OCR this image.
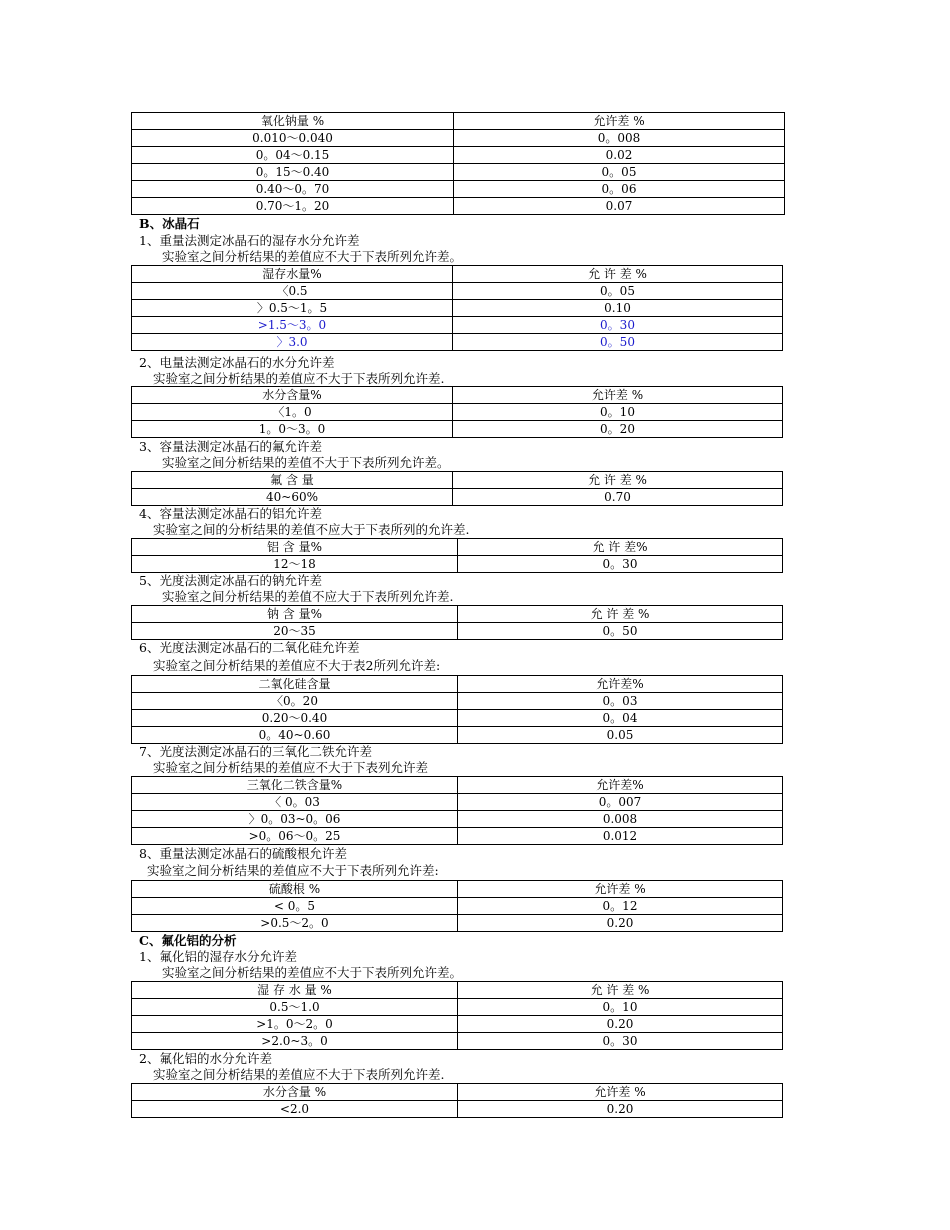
氧化钠量 %	允许差 %
0.010～0.040	0。008
0。04～0.15	0.02
0。15～0.40	0。05
0.40～0。70	0。06
0.70～1。20	0.07
B、冰晶石
1、重量法测定冰晶石的湿存水分允许差
实验室之间分析结果的差值应不大于下表所列允许差。
湿存水量%	允 许 差 %
〈0.5	0。05
〉0.5～1。5	0.10
>1.5～3。0	0。30
〉3.0	0。50
2、电量法测定冰晶石的水分允许差
实验室之间分析结果的差值应不大于下表所列允许差.
水分含量%	允许差 %
〈1。0	0。10
1。0～3。0	0。20
3、容量法测定冰晶石的氟允许差
实验室之间分析结果的差值不大于下表所列允许差。
氟 含 量	允 许 差 %
40~60%	0.70
4、容量法测定冰晶石的铝允许差
实验室之间的分析结果的差值不应大于下表所列的允许差.
铝 含 量%	允 许 差%
12～18	0。30
5、光度法测定冰晶石的钠允许差
实验室之间分析结果的差值不应大于下表所列允许差.
钠 含 量%	允 许 差 %
20～35	0。50
6、光度法测定冰晶石的二氧化硅允许差
实验室之间分析结果的差值应不大于表2所列允许差:
二氧化硅含量	允许差%
〈0。20	0。03
0.20～0.40	0。04
0。40~0.60	0.05
7、光度法测定冰晶石的三氧化二铁允许差
实验室之间分析结果的差值应不大于下表列允许差
三氧化二铁含量%	允许差%
〈 0。03	0。007
〉0。03~0。06	0.008
>0。06～0。25	0.012
8、重量法测定冰晶石的硫酸根允许差
实验室之间分析结果的差值应不大于下表所列允许差:
硫酸根 %	允许差 %
< 0。5	0。12
>0.5～2。0	0.20
C、氟化铝的分析
1、氟化铝的湿存水分允许差
实验室之间分析结果的差值应不大于下表所列允许差。
湿 存 水 量 %	允 许 差 %
0.5～1.0	0。10
>1。0～2。0	0.20
>2.0~3。0	0。30
2、氟化铝的水分允许差
实验室之间分析结果的差值应不大于下表所列允许差.
水分含量 %	允许差 %
<2.0	0.20
